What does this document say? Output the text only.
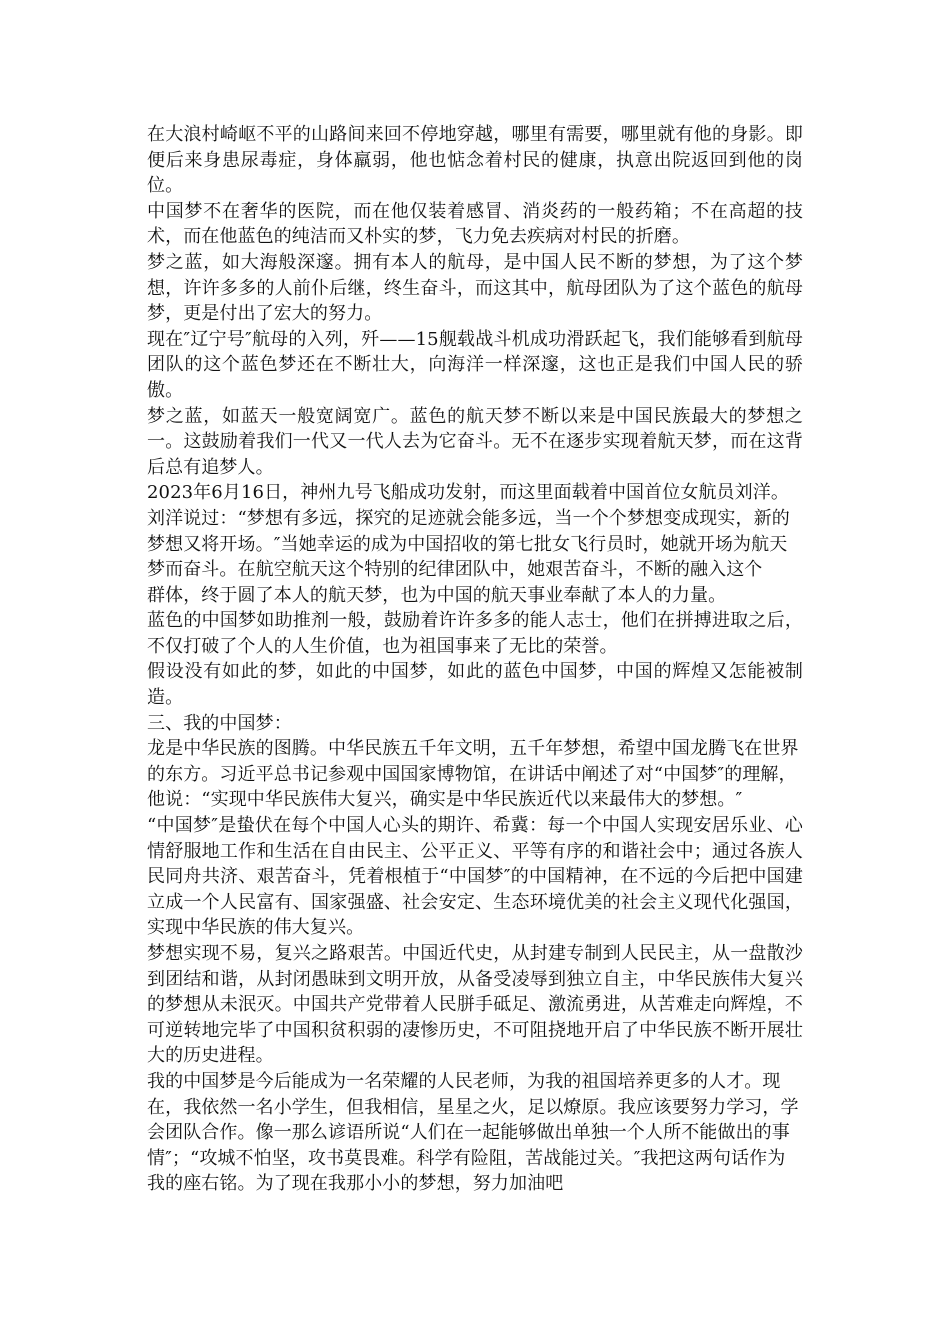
在大浪村崎岖不平的山路间来回不停地穿越，哪里有需要，哪里就有他的身影。即便后来身患尿毒症，身体羸弱，他也惦念着村民的健康，执意出院返回到他的岗位。

中国梦不在奢华的医院，而在他仅装着感冒、消炎药的一般药箱；不在高超的技术，而在他蓝色的纯洁而又朴实的梦，飞力免去疾病对村民的折磨。

梦之蓝，如大海般深邃。拥有本人的航母，是中国人民不断的梦想，为了这个梦想，许许多多的人前仆后继，终生奋斗，而这其中，航母团队为了这个蓝色的航母梦，更是付出了宏大的努力。

现在″辽宁号″航母的入列，歼——15舰载战斗机成功滑跃起飞，我们能够看到航母团队的这个蓝色梦还在不断壮大，向海洋一样深邃，这也正是我们中国人民的骄傲。

梦之蓝，如蓝天一般宽阔宽广。蓝色的航天梦不断以来是中国民族最大的梦想之一。这鼓励着我们一代又一代人去为它奋斗。无不在逐步实现着航天梦，而在这背后总有追梦人。

2023年6月16日，神州九号飞船成功发射，而这里面载着中国首位女航员刘洋。刘洋说过：“梦想有多远，探究的足迹就会能多远，当一个个梦想变成现实，新的梦想又将开场。″当她幸运的成为中国招收的第七批女飞行员时，她就开场为航天梦而奋斗。在航空航天这个特别的纪律团队中，她艰苦奋斗，不断的融入这个

群体，终于圆了本人的航天梦，也为中国的航天事业奉献了本人的力量。

蓝色的中国梦如助推剂一般，鼓励着许许多多的能人志士，他们在拼搏进取之后，不仅打破了个人的人生价值，也为祖国事来了无比的荣誉。

假设没有如此的梦，如此的中国梦，如此的蓝色中国梦，中国的辉煌又怎能被制造。

三、我的中国梦：

龙是中华民族的图腾。中华民族五千年文明，五千年梦想，希望中国龙腾飞在世界的东方。习近平总书记参观中国国家博物馆，在讲话中阐述了对“中国梦″的理解，他说：“实现中华民族伟大复兴，确实是中华民族近代以来最伟大的梦想。″

“中国梦″是蛰伏在每个中国人心头的期许、希冀：每一个中国人实现安居乐业、心情舒服地工作和生活在自由民主、公平正义、平等有序的和谐社会中；通过各族人民同舟共济、艰苦奋斗，凭着根植于“中国梦″的中国精神，在不远的今后把中国建立成一个人民富有、国家强盛、社会安定、生态环境优美的社会主义现代化强国，实现中华民族的伟大复兴。

梦想实现不易，复兴之路艰苦。中国近代史，从封建专制到人民民主，从一盘散沙到团结和谐，从封闭愚昧到文明开放，从备受凌辱到独立自主，中华民族伟大复兴的梦想从未泯灭。中国共产党带着人民胼手砥足、激流勇进，从苦难走向辉煌，不可逆转地完毕了中国积贫积弱的凄惨历史，不可阻挠地开启了中华民族不断开展壮大的历史进程。

我的中国梦是今后能成为一名荣耀的人民老师，为我的祖国培养更多的人才。现在，我依然一名小学生，但我相信，星星之火，足以燎原。我应该要努力学习，学会团队合作。像一那么谚语所说“人们在一起能够做出单独一个人所不能做出的事情″；“攻城不怕坚，攻书莫畏难。科学有险阻，苦战能过关。″我把这两句话作为我的座右铭。为了现在我那小小的梦想，努力加油吧
